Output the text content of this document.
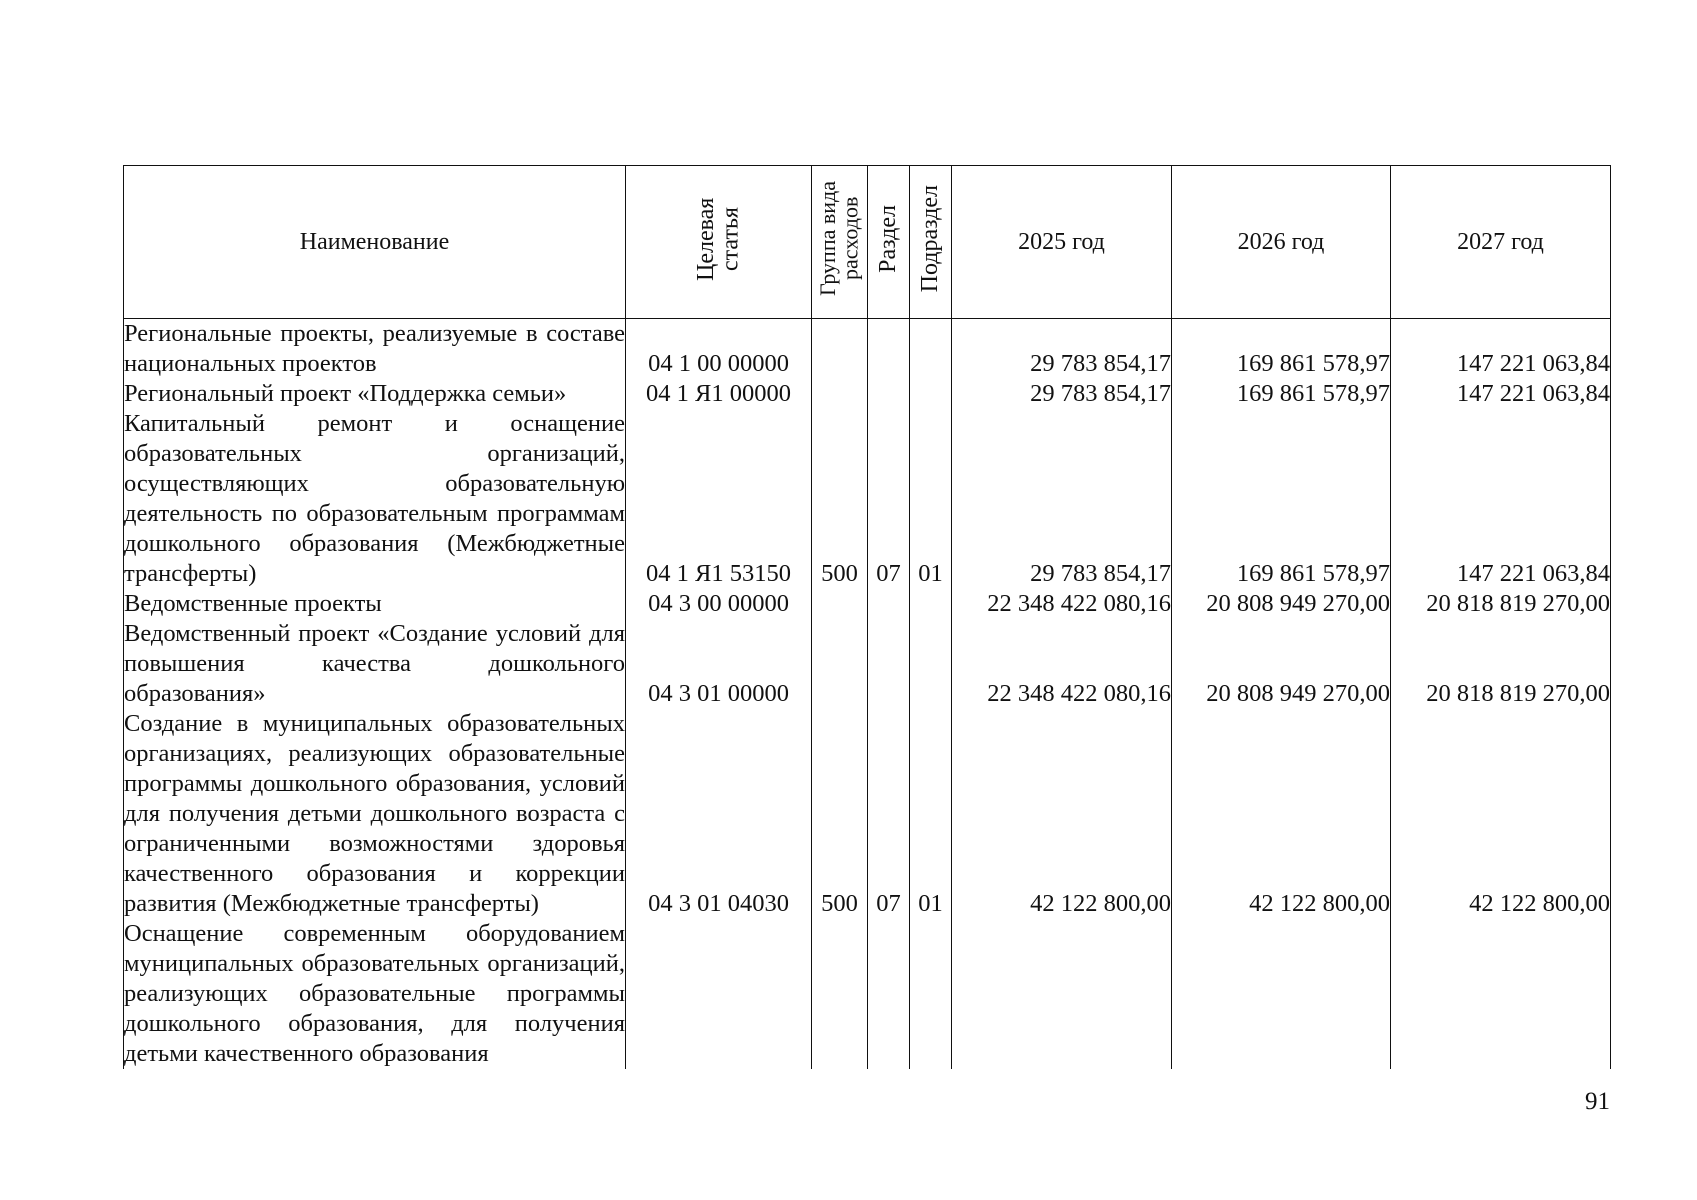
Наименование	Целевая статья	Группа вида расходов	Раздел	Подраздел	2025 год	2026 год	2027 год
Региональные проекты, реализуемые в составе национальных проектов	04 1 00 00000				29 783 854,17	169 861 578,97	147 221 063,84
Региональный проект «Поддержка семьи»	04 1 Я1 00000				29 783 854,17	169 861 578,97	147 221 063,84
Капитальный ремонт и оснащение образовательных организаций, осуществляющих образовательную деятельность по образовательным программам дошкольного образования (Межбюджетные трансферты)	04 1 Я1 53150	500	07	01	29 783 854,17	169 861 578,97	147 221 063,84
Ведомственные проекты	04 3 00 00000				22 348 422 080,16	20 808 949 270,00	20 818 819 270,00
Ведомственный проект «Создание условий для повышения качества дошкольного образования»	04 3 01 00000				22 348 422 080,16	20 808 949 270,00	20 818 819 270,00
Создание в муниципальных образовательных организациях, реализующих образовательные программы дошкольного образования, условий для получения детьми дошкольного возраста с ограниченными возможностями здоровья качественного образования и коррекции развития (Межбюджетные трансферты)	04 3 01 04030	500	07	01	42 122 800,00	42 122 800,00	42 122 800,00
Оснащение современным оборудованием муниципальных образовательных организаций, реализующих образовательные программы дошкольного образования, для получения детьми качественного образования							
91
